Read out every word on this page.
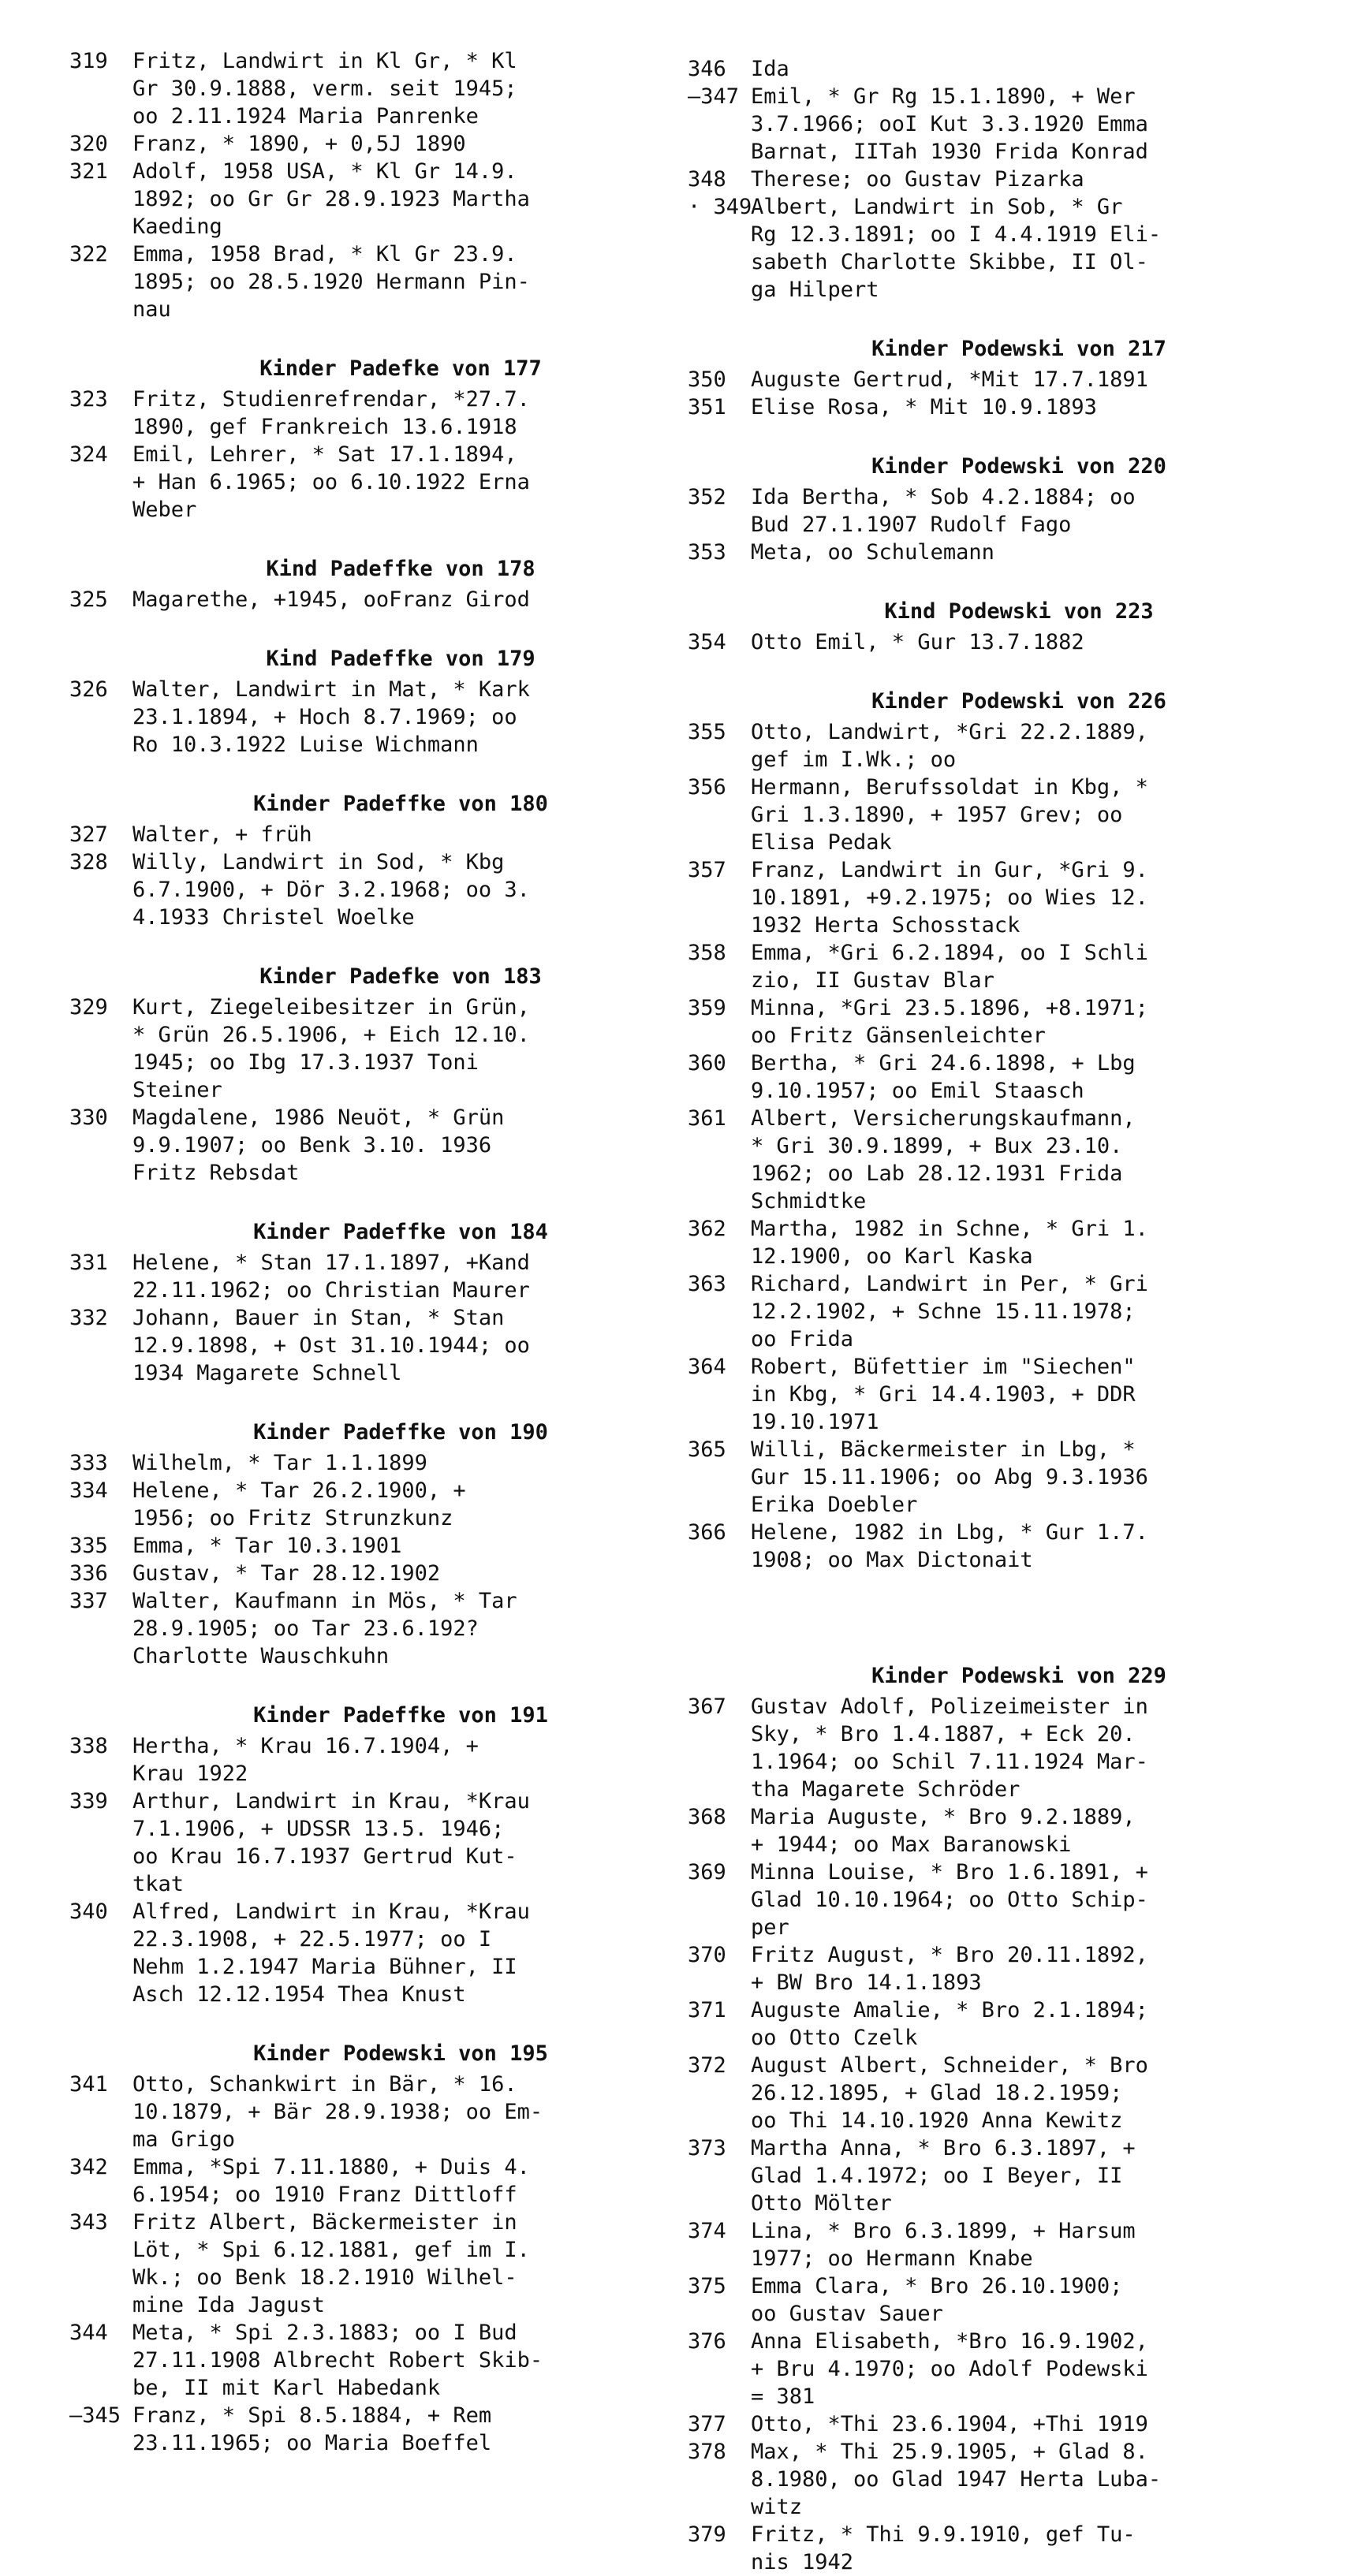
319	Fritz, Landwirt in Kl Gr, * Kl
Gr 30.9.1888, verm. seit 1945;
oo 2.11.1924 Maria Panrenke
320	Franz, * 1890, + 0,5J 1890
321	Adolf, 1958 USA, * Kl Gr 14.9.
1892; oo Gr Gr 28.9.1923 Martha
Kaeding
322	Emma, 1958 Brad, * Kl Gr 23.9.
1895; oo 28.5.1920 Hermann Pin-
nau
Kinder Padefke von 177
323	Fritz, Studienrefrendar, *27.7.
1890, gef Frankreich 13.6.1918
324	Emil, Lehrer, * Sat 17.1.1894,
+ Han 6.1965; oo 6.10.1922 Erna
Weber
Kind Padeffke von 178
325	Magarethe, +1945, ooFranz Girod
Kind Padeffke von 179
326	Walter, Landwirt in Mat, * Kark
23.1.1894, + Hoch 8.7.1969; oo
Ro 10.3.1922 Luise Wichmann
Kinder Padeffke von 180
327	Walter, + früh
328	Willy, Landwirt in Sod, * Kbg
6.7.1900, + Dör 3.2.1968; oo 3.
4.1933 Christel Woelke
Kinder Padefke von 183
329	Kurt, Ziegeleibesitzer in Grün,
* Grün 26.5.1906, + Eich 12.10.
1945; oo Ibg 17.3.1937 Toni
Steiner
330	Magdalene, 1986 Neuöt, * Grün
9.9.1907; oo Benk 3.10. 1936
Fritz Rebsdat
Kinder Padeffke von 184
331	Helene, * Stan 17.1.1897, +Kand
22.11.1962; oo Christian Maurer
332	Johann, Bauer in Stan, * Stan
12.9.1898, + Ost 31.10.1944; oo
1934 Magarete Schnell
Kinder Padeffke von 190
333	Wilhelm, * Tar 1.1.1899
334	Helene, * Tar 26.2.1900, +
1956; oo Fritz Strunzkunz
335	Emma, * Tar 10.3.1901
336	Gustav, * Tar 28.12.1902
337	Walter, Kaufmann in Mös, * Tar
28.9.1905; oo Tar 23.6.192?
Charlotte Wauschkuhn
Kinder Padeffke von 191
338	Hertha, * Krau 16.7.1904, +
Krau 1922
339	Arthur, Landwirt in Krau, *Krau
7.1.1906, + UDSSR 13.5. 1946;
oo Krau 16.7.1937 Gertrud Kut-
tkat
340	Alfred, Landwirt in Krau, *Krau
22.3.1908, + 22.5.1977; oo I
Nehm 1.2.1947 Maria Bühner, II
Asch 12.12.1954 Thea Knust
Kinder Podewski von 195
341	Otto, Schankwirt in Bär, * 16.
10.1879, + Bär 28.9.1938; oo Em-
ma Grigo
342	Emma, *Spi 7.11.1880, + Duis 4.
6.1954; oo 1910 Franz Dittloff
343	Fritz Albert, Bäckermeister in
Löt, * Spi 6.12.1881, gef im I.
Wk.; oo Benk 18.2.1910 Wilhel-
mine Ida Jagust
344	Meta, * Spi 2.3.1883; oo I Bud
27.11.1908 Albrecht Robert Skib-
be, II mit Karl Habedank
—345 Franz, * Spi 8.5.1884, + Rem
23.11.1965; oo Maria Boeffel
346	Ida
—347 Emil, * Gr Rg 15.1.1890, + Wer
3.7.1966; ooI Kut 3.3.1920 Emma
Barnat, IITah 1930 Frida Konrad
348	Therese; oo Gustav Pizarka
· 349
Albert, Landwirt in Sob, * Gr
Rg 12.3.1891; oo I 4.4.1919 Eli-
sabeth Charlotte Skibbe, II Ol-
ga Hilpert
Kinder Podewski von 217
350	Auguste Gertrud, *Mit 17.7.1891
351	Elise Rosa, * Mit 10.9.1893
Kinder Podewski von 220
352	Ida Bertha, * Sob 4.2.1884; oo
Bud 27.1.1907 Rudolf Fago
353	Meta, oo Schulemann
Kind Podewski von 223
354	Otto Emil, * Gur 13.7.1882
Kinder Podewski von 226
355	Otto, Landwirt, *Gri 22.2.1889,
gef im I.Wk.; oo
356	Hermann, Berufssoldat in Kbg, *
Gri 1.3.1890, + 1957 Grev; oo
Elisa Pedak
357	Franz, Landwirt in Gur, *Gri 9.
10.1891, +9.2.1975; oo Wies 12.
1932 Herta Schosstack
358	Emma, *Gri 6.2.1894, oo I Schli
zio, II Gustav Blar
359	Minna, *Gri 23.5.1896, +8.1971;
oo Fritz Gänsenleichter
360	Bertha, * Gri 24.6.1898, + Lbg
9.10.1957; oo Emil Staasch
361	Albert, Versicherungskaufmann,
* Gri 30.9.1899, + Bux 23.10.
1962; oo Lab 28.12.1931 Frida
Schmidtke
362	Martha, 1982 in Schne, * Gri 1.
12.1900, oo Karl Kaska
363	Richard, Landwirt in Per, * Gri
12.2.1902, + Schne 15.11.1978;
oo Frida
364	Robert, Büfettier im "Siechen"
in Kbg, * Gri 14.4.1903, + DDR
19.10.1971
365	Willi, Bäckermeister in Lbg, *
Gur 15.11.1906; oo Abg 9.3.1936
Erika Doebler
366	Helene, 1982 in Lbg, * Gur 1.7.
1908; oo Max Dictonait
Kinder Podewski von 229
367	Gustav Adolf, Polizeimeister in
Sky, * Bro 1.4.1887, + Eck 20.
1.1964; oo Schil 7.11.1924 Mar-
tha Magarete Schröder
368	Maria Auguste, * Bro 9.2.1889,
+ 1944; oo Max Baranowski
369	Minna Louise, * Bro 1.6.1891, +
Glad 10.10.1964; oo Otto Schip-
per
370	Fritz August, * Bro 20.11.1892,
+ BW Bro 14.1.1893
371	Auguste Amalie, * Bro 2.1.1894;
oo Otto Czelk
372	August Albert, Schneider, * Bro
26.12.1895, + Glad 18.2.1959;
oo Thi 14.10.1920 Anna Kewitz
373	Martha Anna, * Bro 6.3.1897, +
Glad 1.4.1972; oo I Beyer, II
Otto Mölter
374	Lina, * Bro 6.3.1899, + Harsum
1977; oo Hermann Knabe
375	Emma Clara, * Bro 26.10.1900;
oo Gustav Sauer
376	Anna Elisabeth, *Bro 16.9.1902,
+ Bru 4.1970; oo Adolf Podewski
= 381
377	Otto, *Thi 23.6.1904, +Thi 1919
378	Max, * Thi 25.9.1905, + Glad 8.
8.1980, oo Glad 1947 Herta Luba-
witz
379	Fritz, * Thi 9.9.1910, gef Tu-
nis 1942
